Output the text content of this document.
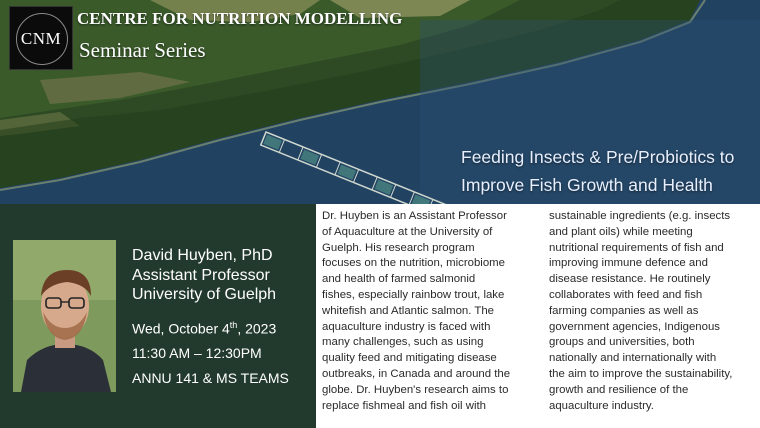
CNM
CENTRE FOR NUTRITION MODELLING
Seminar Series
Feeding Insects & Pre/Probiotics to
Improve Fish Growth and Health
David Huyben, PhD
Assistant Professor
University of Guelph
Wed, October 4th, 2023
11:30 AM – 12:30PM
ANNU 141 & MS TEAMS
Dr. Huyben is an Assistant Professor
of Aquaculture at the University of
Guelph. His research program
focuses on the nutrition, microbiome
and health of farmed salmonid
fishes, especially rainbow trout, lake
whitefish and Atlantic salmon. The
aquaculture industry is faced with
many challenges, such as using
quality feed and mitigating disease
outbreaks, in Canada and around the
globe. Dr. Huyben's research aims to
replace fishmeal and fish oil with
sustainable ingredients (e.g. insects
and plant oils) while meeting
nutritional requirements of fish and
improving immune defence and
disease resistance. He routinely
collaborates with feed and fish
farming companies as well as
government agencies, Indigenous
groups and universities, both
nationally and internationally with
the aim to improve the sustainability,
growth and resilience of the
aquaculture industry.
